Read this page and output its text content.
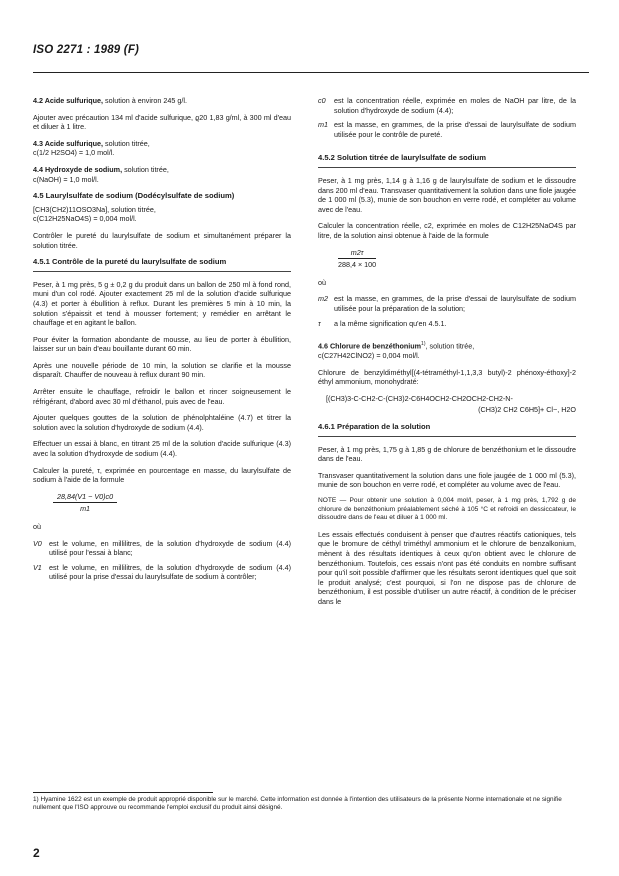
ISO 2271 : 1989 (F)
4.2 Acide sulfurique, solution à environ 245 g/l.

Ajouter avec précaution 134 ml d'acide sulfurique, ϱ20 1,83 g/ml, à 300 ml d'eau et diluer à 1 litre.

4.3 Acide sulfurique, solution titrée,

c(1/2 H2SO4) = 1,0 mol/l.

4.4 Hydroxyde de sodium, solution titrée,

c(NaOH) = 1,0 mol/l.

4.5 Laurylsulfate de sodium (Dodécylsulfate de sodium)
[CH3(CH2)11OSO3Na], solution titrée,

c(C12H25NaO4S) = 0,004 mol/l.

Contrôler le pureté du laurylsulfate de sodium et simultanément préparer la solution titrée.

4.5.1 Contrôle de la pureté du laurylsulfate de sodium

Peser, à 1 mg près, 5 g ± 0,2 g du produit dans un ballon de 250 ml à fond rond, muni d'un col rodé. Ajouter exactement 25 ml de la solution d'acide sulfurique (4.3) et porter à ébullition à reflux. Durant les premières 5 min à 10 min, la solution s'épaissit et tend à mousser fortement; y remédier en arrêtant le chauffage et en agitant le ballon.

Pour éviter la formation abondante de mousse, au lieu de porter à ébullition, laisser sur un bain d'eau bouillante durant 60 min.

Après une nouvelle période de 10 min, la solution se clarifie et la mousse disparaît. Chauffer de nouveau à reflux durant 90 min.

Arrêter ensuite le chauffage, refroidir le ballon et rincer soigneusement le réfrigérant, d'abord avec 30 ml d'éthanol, puis avec de l'eau.

Ajouter quelques gouttes de la solution de phénolphtaléine (4.7) et titrer la solution avec la solution d'hydroxyde de sodium (4.4).

Effectuer un essai à blanc, en titrant 25 ml de la solution d'acide sulfurique (4.3) avec la solution d'hydroxyde de sodium (4.4).

Calculer la pureté, τ, exprimée en pourcentage en masse, du laurylsulfate de sodium à l'aide de la formule

$\frac{28,84(V1 - V0)c0}{m1}$

où

V0 est le volume, en millilitres, de la solution d'hydroxyde de sodium (4.4) utilisé pour l'essai à blanc;
V1 est le volume, en millilitres, de la solution d'hydroxyde de sodium (4.4) utilisé pour la prise d'essai du laurylsulfate de sodium à contrôler;
c0 est la concentration réelle, exprimée en moles de NaOH par litre, de la solution d'hydroxyde de sodium (4.4);
m1 est la masse, en grammes, de la prise d'essai de laurylsulfate de sodium utilisée pour le contrôle de pureté.
4.5.2 Solution titrée de laurylsulfate de sodium

Peser, à 1 mg près, 1,14 g à 1,16 g de laurylsulfate de sodium et le dissoudre dans 200 ml d'eau. Transvaser quantitativement la solution dans une fiole jaugée de 1 000 ml (5.3), munie de son bouchon en verre rodé, et compléter au volume avec de l'eau.

Calculer la concentration réelle, c2, exprimée en moles de C12H25NaO4S par litre, de la solution ainsi obtenue à l'aide de la formule

$\frac{m2\tau}{288,4 \times 100}$

où

m2 est la masse, en grammes, de la prise d'essai de laurylsulfate de sodium utilisée pour la préparation de la solution;
τ a la même signification qu'en 4.5.1.
4.6 Chlorure de benzéthonium$^{1)}$, solution titrée,

c(C27H42ClNO2) = 0,004 mol/l.

Chlorure de benzyldiméthyl[(4-tétraméthyl-1,1,3,3 butyl)-2 phénoxy-éthoxy]-2 éthyl ammonium, monohydraté:

[(CH3)3-C-CH2-C-(CH3)2-C6H4OCH2-CH2OCH2-CH2-N-
(CH3)2 CH2 C6H5]+ Cl−, H2O
4.6.1 Préparation de la solution

Peser, à 1 mg près, 1,75 g à 1,85 g de chlorure de benzéthonium et le dissoudre dans de l'eau.

Transvaser quantitativement la solution dans une fiole jaugée de 1 000 ml (5.3), munie de son bouchon en verre rodé, et compléter au volume avec de l'eau.

NOTE — Pour obtenir une solution à 0,004 mol/l, peser, à 1 mg près, 1,792 g de chlorure de benzéthonium préalablement séché à 105 °C et refroidi en dessiccateur, le dissoudre dans de l'eau et diluer à 1 000 ml.

Les essais effectués conduisent à penser que d'autres réactifs cationiques, tels que le bromure de céthyl triméthyl ammonium et le chlorure de benzalkonium, mènent à des résultats identiques à ceux qu'on obtient avec le chlorure de benzéthonium. Toutefois, ces essais n'ont pas été conduits en nombre suffisant pour qu'il soit possible d'affirmer que les résultats seront identiques quel que soit le produit analysé; c'est pourquoi, si l'on ne dispose pas de chlorure de benzéthonium, il est possible d'utiliser un autre réactif, à condition de le préciser dans le

1) Hyamine 1622 est un exemple de produit approprié disponible sur le marché. Cette information est donnée à l'intention des utilisateurs de la présente Norme internationale et ne signifie nullement que l'ISO approuve ou recommande l'emploi exclusif du produit ainsi désigné.
2
